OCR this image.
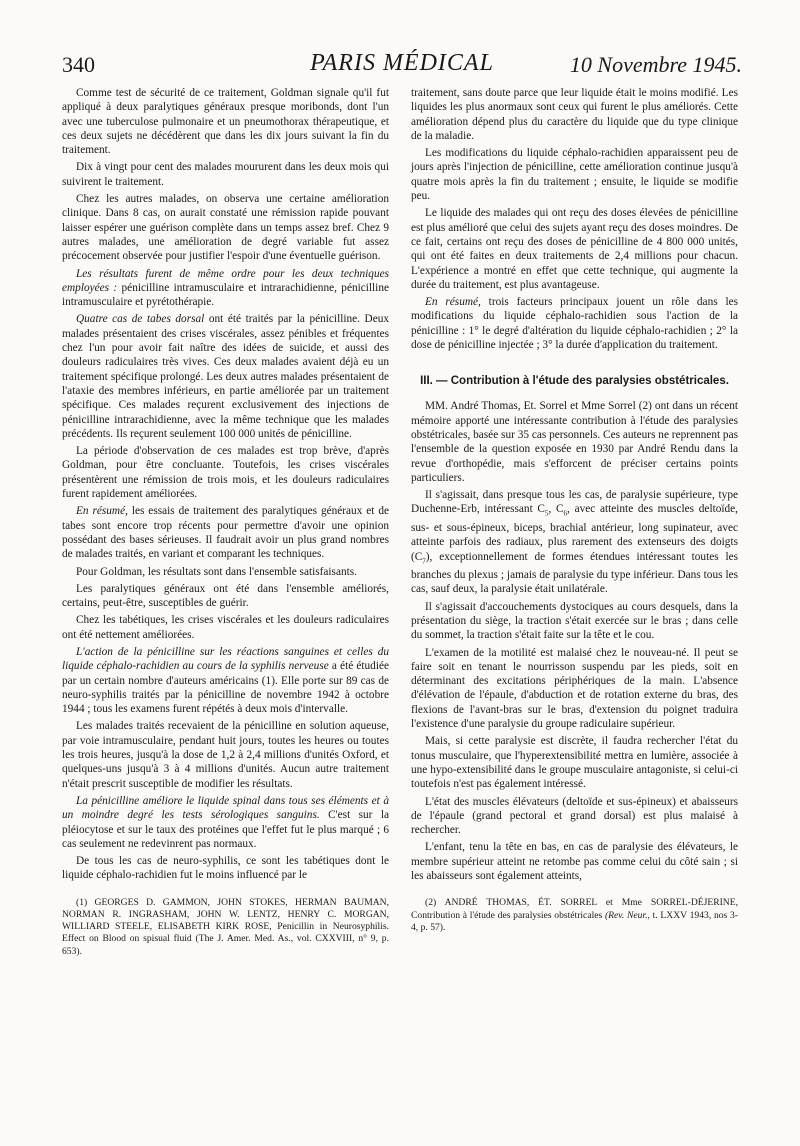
340	PARIS MÉDICAL	10 Novembre 1945.

Comme test de sécurité de ce traitement, Goldman signale qu'il fut appliqué à deux paralytiques généraux presque moribonds, dont l'un avec une tuberculose pulmonaire et un pneumothorax thérapeutique, et ces deux sujets ne décédèrent que dans les dix jours suivant la fin du traitement.

Dix à vingt pour cent des malades moururent dans les deux mois qui suivirent le traitement.

Chez les autres malades, on observa une certaine amélioration clinique. Dans 8 cas, on aurait constaté une rémission rapide pouvant laisser espérer une guérison complète dans un temps assez bref. Chez 9 autres malades, une amélioration de degré variable fut assez précocement observée pour justifier l'espoir d'une éventuelle guérison.

Les résultats furent de même ordre pour les deux techniques employées : pénicilline intramusculaire et intrarachidienne, pénicilline intramusculaire et pyrétothérapie.

Quatre cas de tabes dorsal ont été traités par la pénicilline. Deux malades présentaient des crises viscérales, assez pénibles et fréquentes chez l'un pour avoir fait naître des idées de suicide, et aussi des douleurs radiculaires très vives. Ces deux malades avaient déjà eu un traitement spécifique prolongé. Les deux autres malades présentaient de l'ataxie des membres inférieurs, en partie améliorée par un traitement spécifique. Ces malades reçurent exclusivement des injections de pénicilline intrarachidienne, avec la même technique que les malades précédents. Ils reçurent seulement 100 000 unités de pénicilline.

La période d'observation de ces malades est trop brève, d'après Goldman, pour être concluante. Toutefois, les crises viscérales présentèrent une rémission de trois mois, et les douleurs radiculaires furent rapidement améliorées.

En résumé, les essais de traitement des paralytiques généraux et de tabes sont encore trop récents pour permettre d'avoir une opinion possédant des bases sérieuses. Il faudrait avoir un plus grand nombres de malades traités, en variant et comparant les techniques.

Pour Goldman, les résultats sont dans l'ensemble satisfaisants.

Les paralytiques généraux ont été dans l'ensemble améliorés, certains, peut-être, susceptibles de guérir.

Chez les tabétiques, les crises viscérales et les douleurs radiculaires ont été nettement améliorées.

L'action de la pénicilline sur les réactions sanguines et celles du liquide céphalo-rachidien au cours de la syphilis nerveuse a été étudiée par un certain nombre d'auteurs américains (1). Elle porte sur 89 cas de neuro-syphilis traités par la pénicilline de novembre 1942 à octobre 1944 ; tous les examens furent répétés à deux mois d'intervalle.

Les malades traités recevaient de la pénicilline en solution aqueuse, par voie intramusculaire, pendant huit jours, toutes les heures ou toutes les trois heures, jusqu'à la dose de 1,2 à 2,4 millions d'unités Oxford, et quelques-uns jusqu'à 3 à 4 millions d'unités. Aucun autre traitement n'était prescrit susceptible de modifier les résultats.

La pénicilline améliore le liquide spinal dans tous ses éléments et à un moindre degré les tests sérologiques sanguins. C'est sur la pléiocytose et sur le taux des protéines que l'effet fut le plus marqué ; 6 cas seulement ne redevinrent pas normaux.

De tous les cas de neuro-syphilis, ce sont les tabétiques dont le liquide céphalo-rachidien fut le moins influencé par le

(1) GEORGES D. GAMMON, JOHN STOKES, HERMAN BAUMAN, NORMAN R. INGRASHAM, JOHN W. LENTZ, HENRY C. MORGAN, WILLIARD STEELE, ELISABETH KIRK ROSE, Penicillin in Neurosyphilis. Effect on Blood on spisual fluid (The J. Amer. Med. As., vol. CXXVIII, n° 9, p. 653).

traitement, sans doute parce que leur liquide était le moins modifié. Les liquides les plus anormaux sont ceux qui furent le plus améliorés. Cette amélioration dépend plus du caractère du liquide que du type clinique de la maladie.

Les modifications du liquide céphalo-rachidien apparaissent peu de jours après l'injection de pénicilline, cette amélioration continue jusqu'à quatre mois après la fin du traitement ; ensuite, le liquide se modifie peu.

Le liquide des malades qui ont reçu des doses élevées de pénicilline est plus amélioré que celui des sujets ayant reçu des doses moindres. De ce fait, certains ont reçu des doses de pénicilline de 4 800 000 unités, qui ont été faites en deux traitements de 2,4 millions pour chacun. L'expérience a montré en effet que cette technique, qui augmente la durée du traitement, est plus avantageuse.

En résumé, trois facteurs principaux jouent un rôle dans les modifications du liquide céphalo-rachidien sous l'action de la pénicilline : 1° le degré d'altération du liquide céphalo-rachidien ; 2° la dose de pénicilline injectée ; 3° la durée d'application du traitement.

III. — Contribution à l'étude des paralysies obstétricales.

MM. André Thomas, Et. Sorrel et Mme Sorrel (2) ont dans un récent mémoire apporté une intéressante contribution à l'étude des paralysies obstétricales, basée sur 35 cas personnels. Ces auteurs ne reprennent pas l'ensemble de la question exposée en 1930 par André Rendu dans la revue d'orthopédie, mais s'efforcent de préciser certains points particuliers.

Il s'agissait, dans presque tous les cas, de paralysie supérieure, type Duchenne-Erb, intéressant $C_5$, $C_6$, avec atteinte des muscles deltoïde, sus- et sous-épineux, biceps, brachial antérieur, long supinateur, avec atteinte parfois des radiaux, plus rarement des extenseurs des doigts $(C_7)$, exceptionnellement de formes étendues intéressant toutes les branches du plexus ; jamais de paralysie du type inférieur. Dans tous les cas, sauf deux, la paralysie était unilatérale.

Il s'agissait d'accouchements dystociques au cours desquels, dans la présentation du siège, la traction s'était exercée sur le bras ; dans celle du sommet, la traction s'était faite sur la tête et le cou.

L'examen de la motilité est malaisé chez le nouveau-né. Il peut se faire soit en tenant le nourrisson suspendu par les pieds, soit en déterminant des excitations périphériques de la main. L'absence d'élévation de l'épaule, d'abduction et de rotation externe du bras, des flexions de l'avant-bras sur le bras, d'extension du poignet traduira l'existence d'une paralysie du groupe radiculaire supérieur.

Mais, si cette paralysie est discrète, il faudra rechercher l'état du tonus musculaire, que l'hyperextensibilité mettra en lumière, associée à une hypo-extensibilité dans le groupe musculaire antagoniste, si celui-ci toutefois n'est pas également intéressé.

L'état des muscles élévateurs (deltoïde et sus-épineux) et abaisseurs de l'épaule (grand pectoral et grand dorsal) est plus malaisé à rechercher.

L'enfant, tenu la tête en bas, en cas de paralysie des élévateurs, le membre supérieur atteint ne retombe pas comme celui du côté sain ; si les abaisseurs sont également atteints,

(2) ANDRÉ THOMAS, ÉT. SORREL et Mme SORREL-DÉJERINE, Contribution à l'étude des paralysies obstétricales (Rev. Neur., t. LXXV 1943, nos 3-4, p. 57).
